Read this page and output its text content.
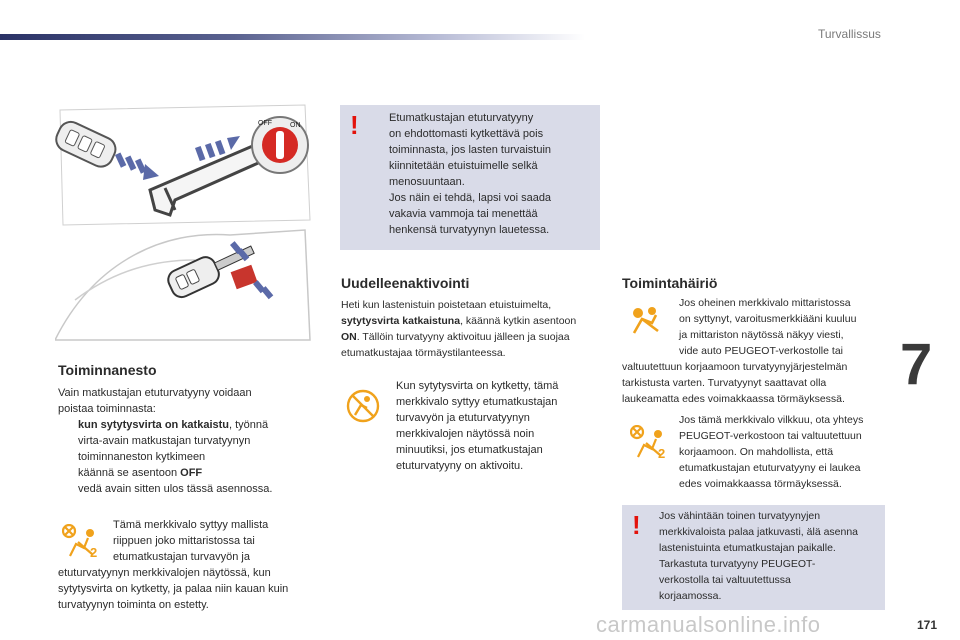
Turvallissus
OFF	ON
Toiminnanesto
Vain matkustajan etuturvatyyny voidaan
poistaa toiminnasta:
kun sytytysvirta on katkaistu, työnnä
virta-avain matkustajan turvatyynyn
toiminnaneston kytkimeen
käännä se asentoon OFF
vedä avain sitten ulos tässä asennossa.
2
Tämä merkkivalo syttyy mallista
riippuen joko mittaristossa tai
etumatkustajan turvavyön ja
etuturvatyynyn merkkivalojen näytössä, kun
sytytysvirta on kytketty, ja palaa niin kauan kuin
turvatyynyn toiminta on estetty.
!	Etumatkustajan etuturvatyyny
on ehdottomasti kytkettävä pois
toiminnasta, jos lasten turvaistuin
kiinnitetään etuistuimelle selkä
menosuuntaan.
Jos näin ei tehdä, lapsi voi saada
vakavia vammoja tai menettää
henkensä turvatyynyn lauetessa.
Uudelleenaktivointi
Heti kun lastenistuin poistetaan etuistuimelta,
sytytysvirta katkaistuna, käännä kytkin asentoon
ON. Tällöin turvatyyny aktivoituu jälleen ja suojaa
etumatkustajaa törmäystilanteessa.
Kun sytytysvirta on kytketty, tämä
merkkivalo syttyy etumatkustajan
turvavyön ja etuturvatyynyn
merkkivalojen näytössä noin
minuutiksi, jos etumatkustajan
etuturvatyyny on aktivoitu.
Toimintahäiriö
Jos oheinen merkkivalo mittaristossa
on syttynyt, varoitusmerkkiääni kuuluu
ja mittariston näytössä näkyy viesti,
vide auto PEUGEOT-verkostolle tai
valtuutettuun korjaamoon turvatyynyjärjestelmän
tarkistusta varten. Turvatyynyt saattavat olla
laukeamatta edes voimakkaassa törmäyksessä.
2
Jos tämä merkkivalo vilkkuu, ota yhteys
PEUGEOT-verkostoon tai valtuutettuun
korjaamoon. On mahdollista, että
etumatkustajan etuturvatyyny ei laukea
edes voimakkaassa törmäyksessä.
! Jos vähintään toinen turvatyynyjen
merkkivaloista palaa jatkuvasti, älä asenna
lastenistuinta etumatkustajan paikalle.
Tarkastuta turvatyyny PEUGEOT-
verkostolla tai valtuutettussa
korjaamossa.
7
carmanualsonline.info	171
